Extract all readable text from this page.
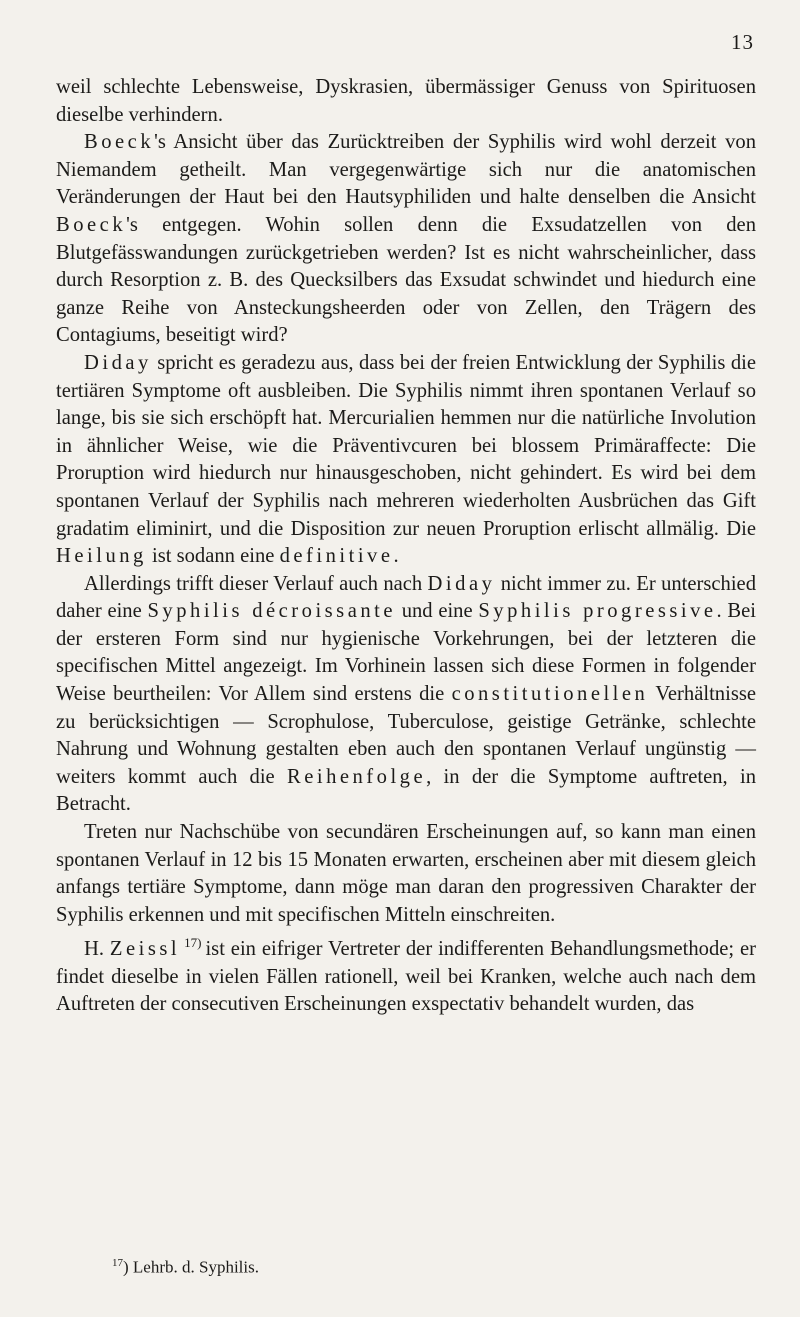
13

weil schlechte Lebensweise, Dyskrasien, übermässiger Genuss von Spirituosen dieselbe verhindern.

Boeck's Ansicht über das Zurücktreiben der Syphilis wird wohl derzeit von Niemandem getheilt. Man vergegenwärtige sich nur die anatomischen Veränderungen der Haut bei den Hautsyphiliden und halte denselben die Ansicht Boeck's entgegen. Wohin sollen denn die Exsudatzellen von den Blutgefässwandungen zurückgetrieben werden? Ist es nicht wahrscheinlicher, dass durch Resorption z. B. des Quecksilbers das Exsudat schwindet und hiedurch eine ganze Reihe von Ansteckungsheerden oder von Zellen, den Trägern des Contagiums, beseitigt wird?

Diday spricht es geradezu aus, dass bei der freien Entwicklung der Syphilis die tertiären Symptome oft ausbleiben. Die Syphilis nimmt ihren spontanen Verlauf so lange, bis sie sich erschöpft hat. Mercurialien hemmen nur die natürliche Involution in ähnlicher Weise, wie die Präventivcuren bei blossem Primäraffecte: Die Proruption wird hiedurch nur hinausgeschoben, nicht gehindert. Es wird bei dem spontanen Verlauf der Syphilis nach mehreren wiederholten Ausbrüchen das Gift gradatim eliminirt, und die Disposition zur neuen Proruption erlischt allmälig. Die Heilung ist sodann eine definitive.

Allerdings trifft dieser Verlauf auch nach Diday nicht immer zu. Er unterschied daher eine Syphilis décroissante und eine Syphilis progressive. Bei der ersteren Form sind nur hygienische Vorkehrungen, bei der letzteren die specifischen Mittel angezeigt. Im Vorhinein lassen sich diese Formen in folgender Weise beurtheilen: Vor Allem sind erstens die constitutionellen Verhältnisse zu berücksichtigen — Scrophulose, Tuberculose, geistige Getränke, schlechte Nahrung und Wohnung gestalten eben auch den spontanen Verlauf ungünstig — weiters kommt auch die Reihenfolge, in der die Symptome auftreten, in Betracht.

Treten nur Nachschübe von secundären Erscheinungen auf, so kann man einen spontanen Verlauf in 12 bis 15 Monaten erwarten, erscheinen aber mit diesem gleich anfangs tertiäre Symptome, dann möge man daran den progressiven Charakter der Syphilis erkennen und mit specifischen Mitteln einschreiten.

H. Zeissl $^{17)}$ ist ein eifriger Vertreter der indifferenten Behandlungsmethode; er findet dieselbe in vielen Fällen rationell, weil bei Kranken, welche auch nach dem Auftreten der consecutiven Erscheinungen exspectativ behandelt wurden, das

$^{17}$) Lehrb. d. Syphilis.
